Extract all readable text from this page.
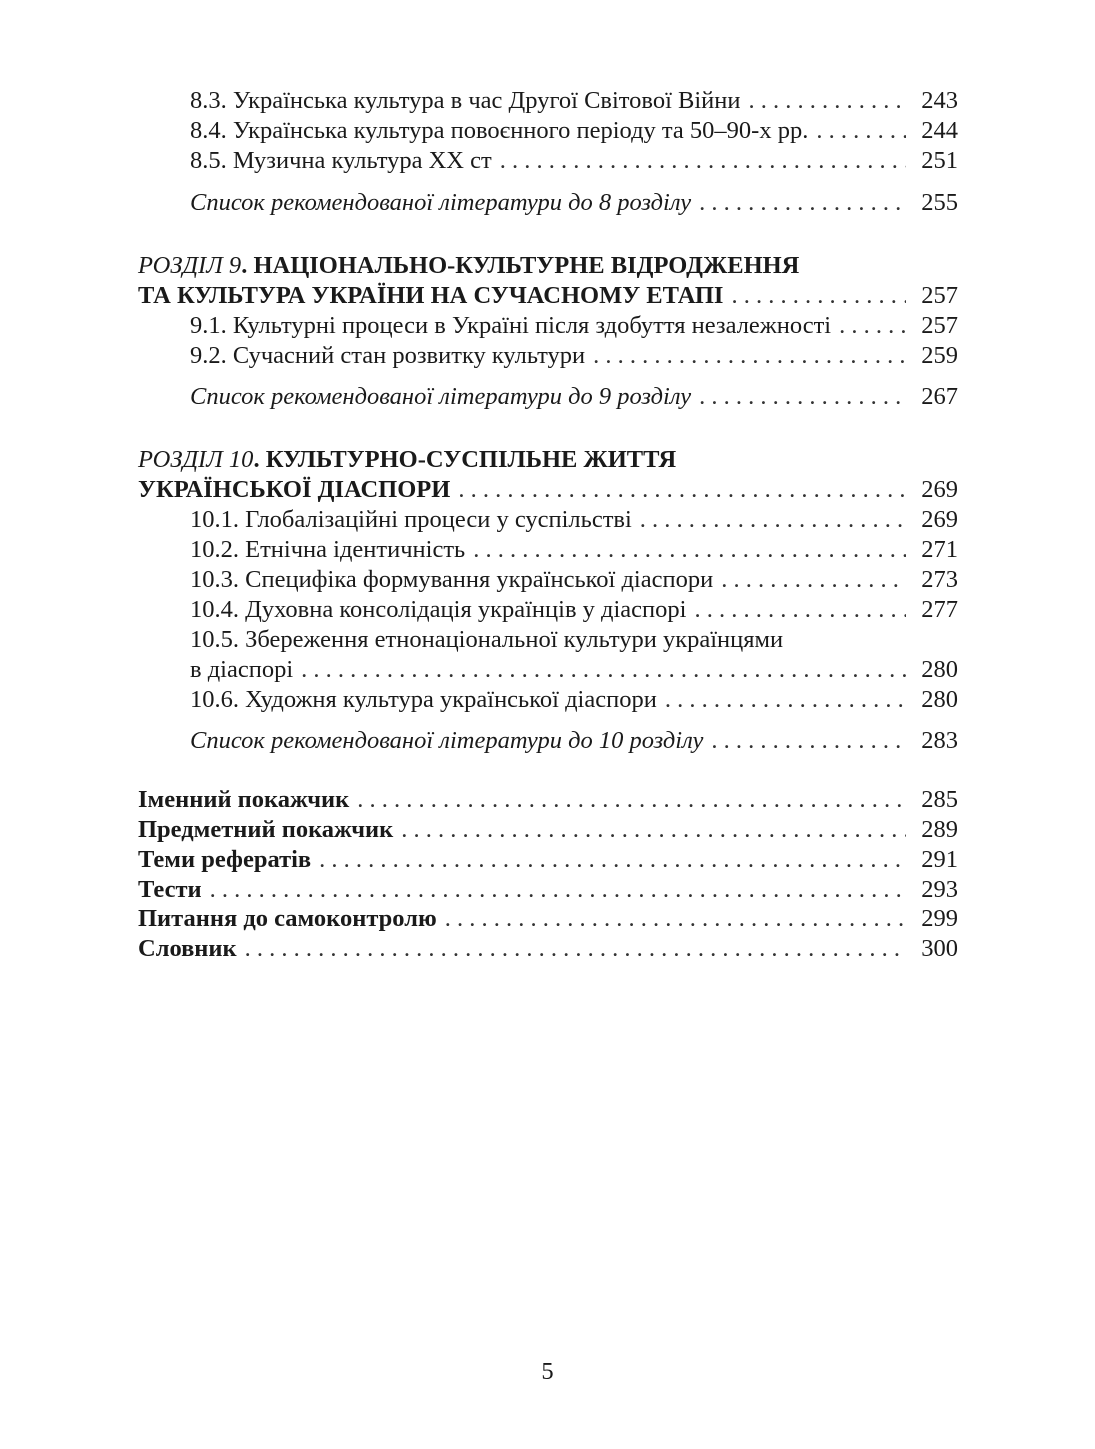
8.3. Українська культура в час Другої Світової Війни . . .	243
8.4. Українська культура повоєнного періоду та 50–90-х рр. . . .	244
8.5. Музична культура ХХ ст . . .	251
Список рекомендованої літератури до 8 розділу . . .	255
РОЗДІЛ 9. НАЦІОНАЛЬНО-КУЛЬТУРНЕ ВІДРОДЖЕННЯ
ТА КУЛЬТУРА УКРАЇНИ НА СУЧАСНОМУ ЕТАПІ . . .	257
9.1. Культурні процеси в Україні після здобуття незалежності . . .	257
9.2. Сучасний стан розвитку культури . . .	259
Список рекомендованої літератури до 9 розділу . . .	267
РОЗДІЛ 10. КУЛЬТУРНО-СУСПІЛЬНЕ ЖИТТЯ
УКРАЇНСЬКОЇ ДІАСПОРИ . . .	269
10.1. Глобалізаційні процеси у суспільстві . . .	269
10.2. Етнічна ідентичність . . .	271
10.3. Специфіка формування української діаспори . . .	273
10.4. Духовна консолідація українців у діаспорі . . .	277
10.5. Збереження етнонаціональної культури українцями
в діаспорі . . .	280
10.6. Художня культура української діаспори . . .	280
Список рекомендованої літератури до 10 розділу . . .	283
Іменний покажчик . . .	285
Предметний покажчик . . .	289
Теми рефератів . . .	291
Тести . . .	293
Питання до самоконтролю . . .	299
Словник . . .	300
5
